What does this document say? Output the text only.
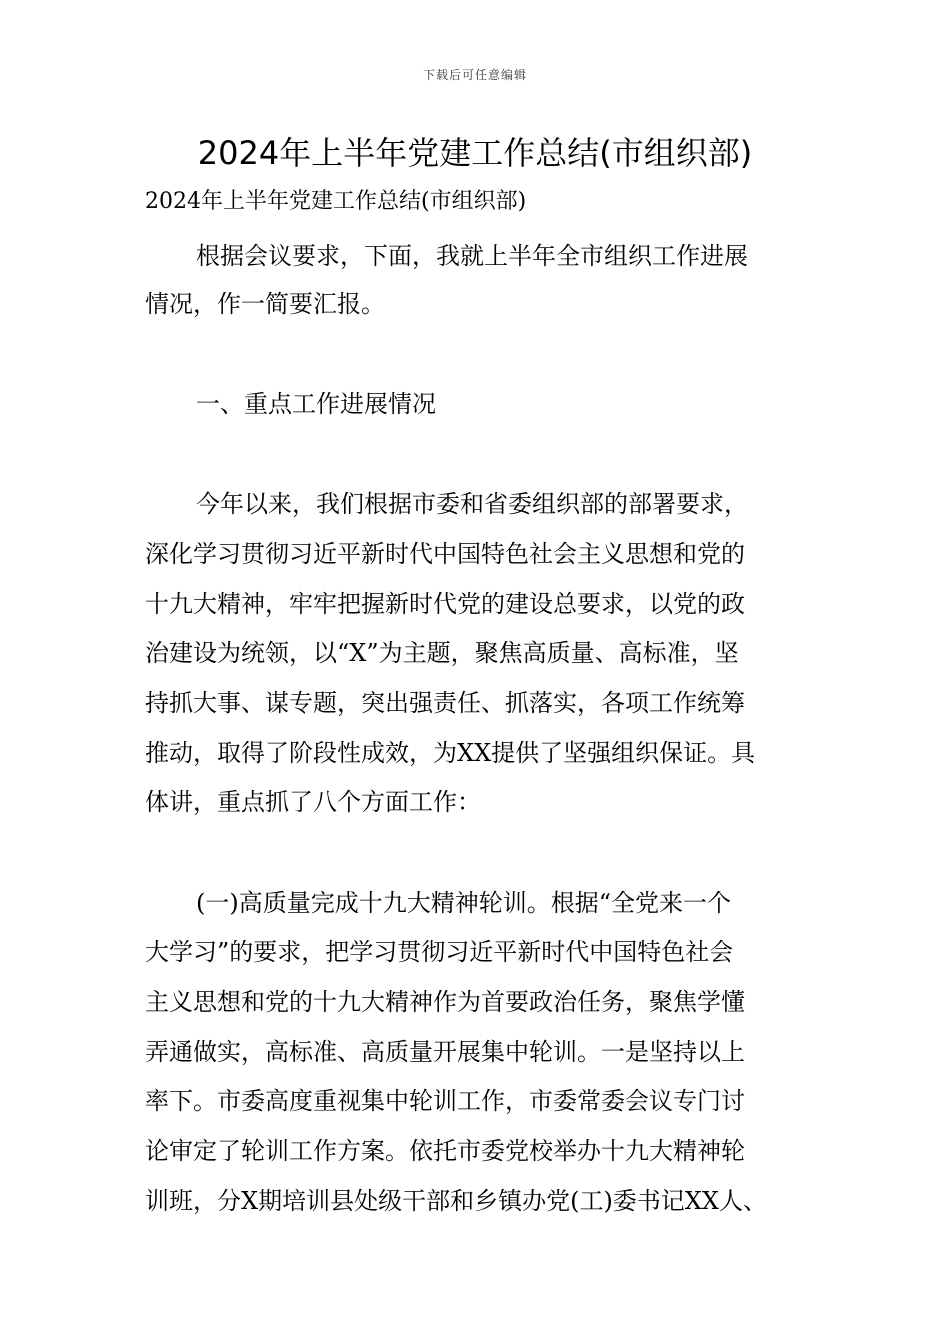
下载后可任意编辑
2024年上半年党建工作总结(市组织部)
2024年上半年党建工作总结(市组织部)
根据会议要求，下面，我就上半年全市组织工作进展
情况，作一简要汇报。
一、重点工作进展情况
今年以来，我们根据市委和省委组织部的部署要求，
深化学习贯彻习近平新时代中国特色社会主义思想和党的
十九大精神，牢牢把握新时代党的建设总要求，以党的政
治建设为统领，以“X”为主题，聚焦高质量、高标准，坚
持抓大事、谋专题，突出强责任、抓落实，各项工作统筹
推动，取得了阶段性成效，为XX提供了坚强组织保证。具
体讲，重点抓了八个方面工作：
(一)高质量完成十九大精神轮训。根据“全党来一个
大学习”的要求，把学习贯彻习近平新时代中国特色社会
主义思想和党的十九大精神作为首要政治任务，聚焦学懂
弄通做实，高标准、高质量开展集中轮训。一是坚持以上
率下。市委高度重视集中轮训工作，市委常委会议专门讨
论审定了轮训工作方案。依托市委党校举办十九大精神轮
训班，分X期培训县处级干部和乡镇办党(工)委书记XX人、
